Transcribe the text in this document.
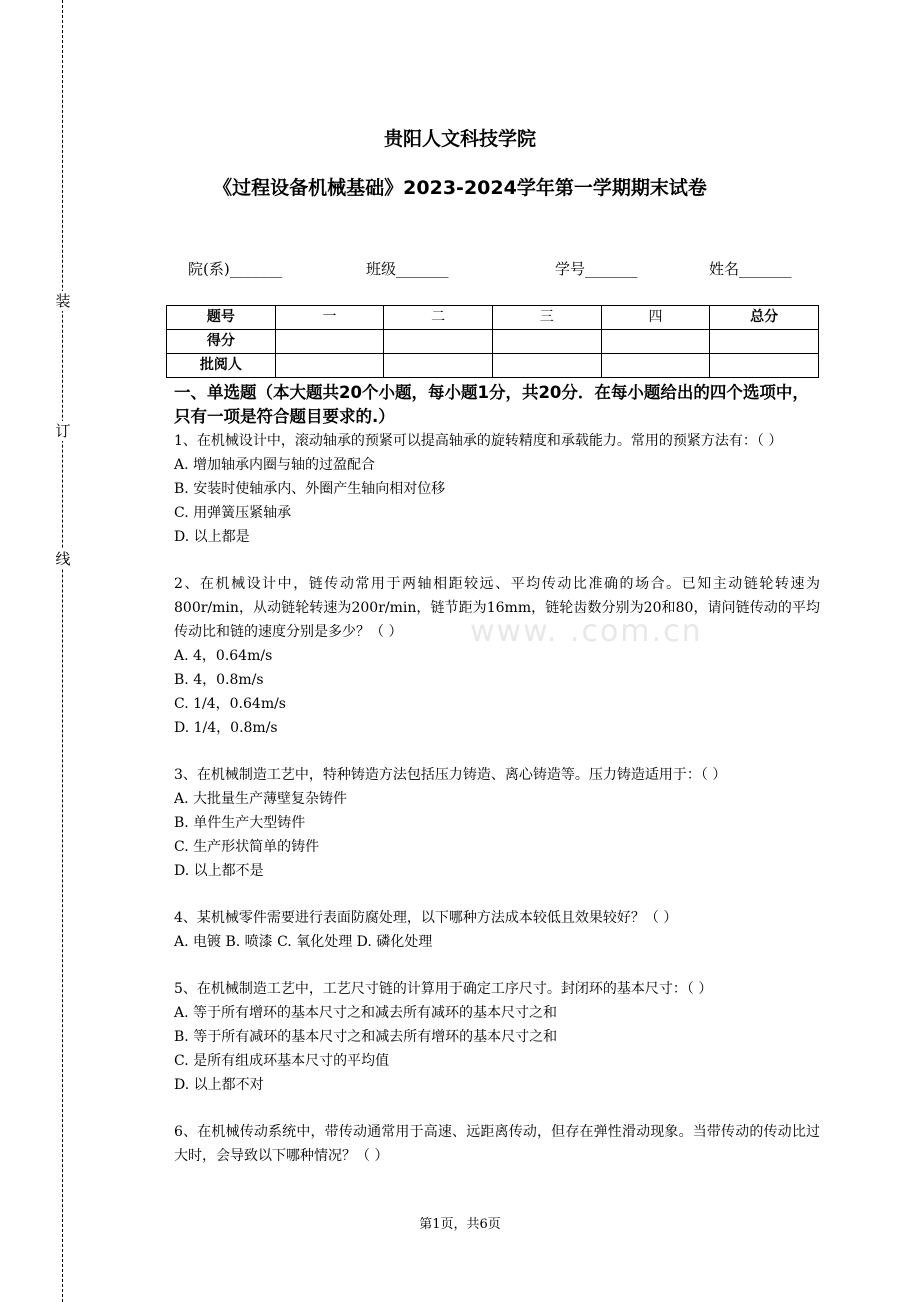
装
订
线
www. .com.cn
贵阳人文科技学院
《过程设备机械基础》2023-2024学年第一学期期末试卷
院(系)_______	班级_______	学号_______	姓名_______
题号	一	二	三	四	总分
得分					
批阅人					
一、单选题（本大题共20个小题，每小题1分，共20分．在每小题给出的四个选项中，只有一项是符合题目要求的.）
1、在机械设计中，滚动轴承的预紧可以提高轴承的旋转精度和承载能力。常用的预紧方法有：（ ）
A. 增加轴承内圈与轴的过盈配合
B. 安装时使轴承内、外圈产生轴向相对位移
C. 用弹簧压紧轴承
D. 以上都是
2、在机械设计中，链传动常用于两轴相距较远、平均传动比准确的场合。已知主动链轮转速为800r/min，从动链轮转速为200r/min，链节距为16mm，链轮齿数分别为20和80，请问链传动的平均传动比和链的速度分别是多少？（ ）
A. 4，0.64m/s
B. 4，0.8m/s
C. 1/4，0.64m/s
D. 1/4，0.8m/s
3、在机械制造工艺中，特种铸造方法包括压力铸造、离心铸造等。压力铸造适用于：（ ）
A. 大批量生产薄壁复杂铸件
B. 单件生产大型铸件
C. 生产形状简单的铸件
D. 以上都不是
4、某机械零件需要进行表面防腐处理，以下哪种方法成本较低且效果较好？（ ）
A. 电镀 B. 喷漆 C. 氧化处理 D. 磷化处理
5、在机械制造工艺中，工艺尺寸链的计算用于确定工序尺寸。封闭环的基本尺寸：（ ）
A. 等于所有增环的基本尺寸之和减去所有减环的基本尺寸之和
B. 等于所有减环的基本尺寸之和减去所有增环的基本尺寸之和
C. 是所有组成环基本尺寸的平均值
D. 以上都不对
6、在机械传动系统中，带传动通常用于高速、远距离传动，但存在弹性滑动现象。当带传动的传动比过大时，会导致以下哪种情况？（ ）
第1页，共6页
